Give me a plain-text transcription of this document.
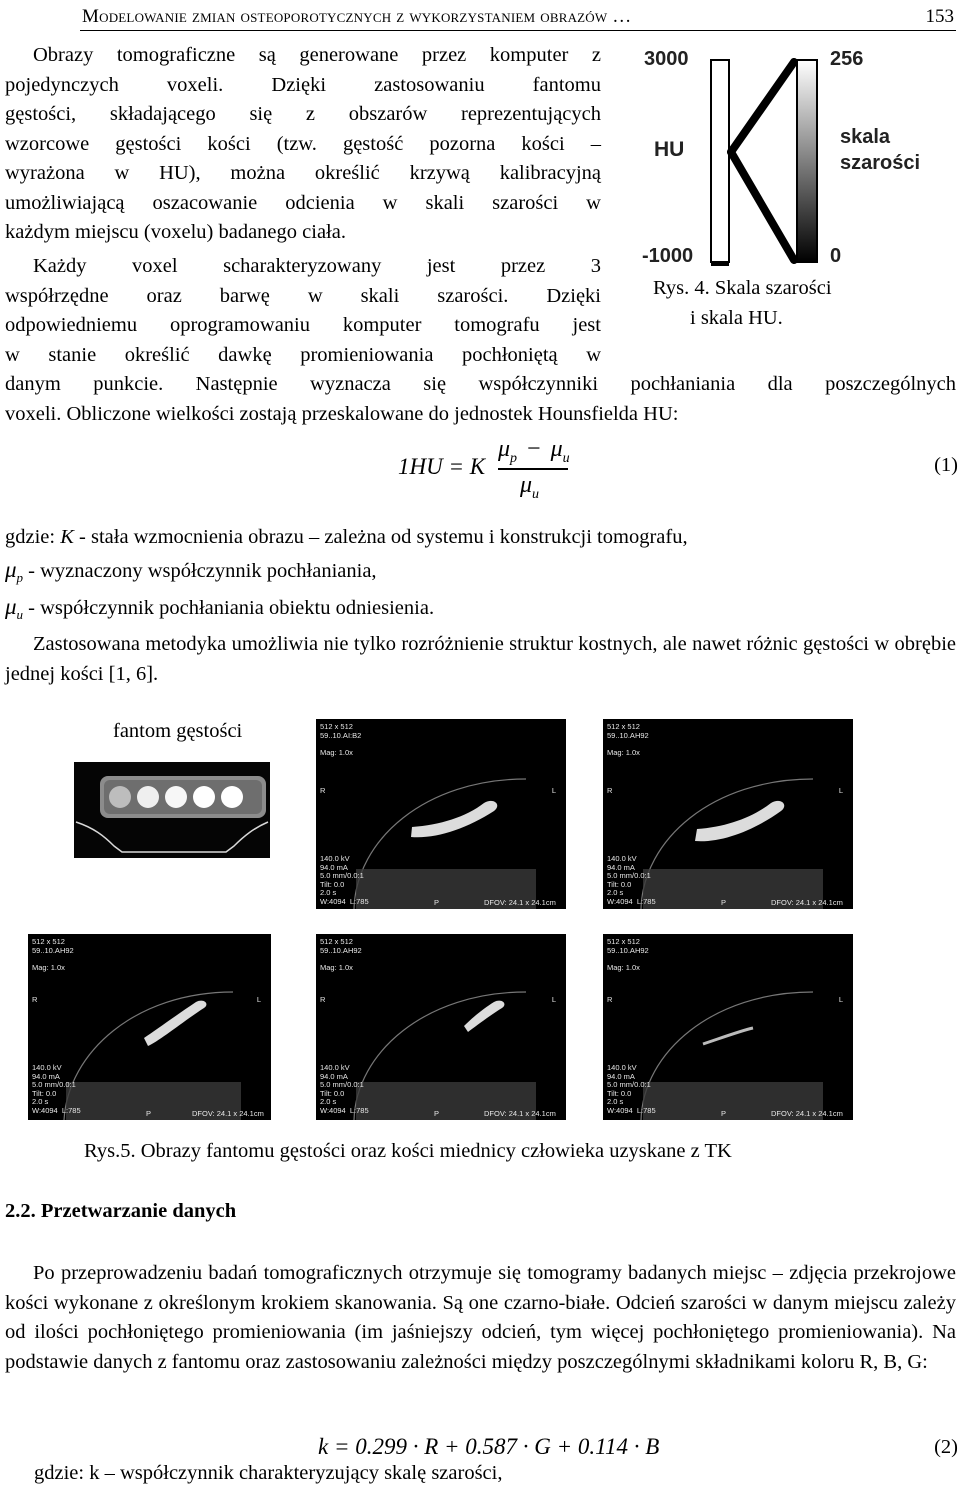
Modelowanie zmian osteoporotycznych z wykorzystaniem obrazów …	153
Obrazy tomograficzne są generowane przez komputer z
pojedynczych voxeli. Dzięki zastosowaniu fantomu
gęstości, składającego się z obszarów reprezentujących
wzorcowe gęstości kości (tzw. gęstość pozorna kości –
wyrażona w HU), można określić krzywą kalibracyjną
umożliwiającą oszacowanie odcienia w skali szarości w
każdym miejscu (voxelu) badanego ciała.
Każdy voxel scharakteryzowany jest przez 3
współrzędne oraz barwę w skali szarości. Dzięki
odpowiedniemu oprogramowaniu komputer tomografu jest
w stanie określić dawkę promieniowania pochłoniętą w
danym punkcie. Następnie wyznacza się współczynniki pochłaniania dla poszczególnych
voxeli. Obliczone wielkości zostają przeskalowane do jednostek Hounsfielda HU:
3000
HU
-1000
256
skala
szarości
0
Rys. 4. Skala szarości
i skala HU.
1HU = K
$\mu_p - \mu_u$
$\mu_u$
(1)
gdzie: K - stała wzmocnienia obrazu – zależna od systemu i konstrukcji tomografu,
$\mu_p$ - wyznaczony współczynnik pochłaniania,
$\mu_u$ - współczynnik pochłaniania obiektu odniesienia.
Zastosowana metodyka umożliwia nie tylko rozróżnienie struktur kostnych, ale nawet różnic gęstości w obrębie jednej kości [1, 6].
fantom gęstości	512 x 512
59..10.AI:B2

Mag: 1.0x
R	L
140.0 kV
94.0 mA
5.0 mm/0.0:1
Tilt: 0.0
2.0 s
W:4094  L:785	P	DFOV: 24.1 x 24.1cm
512 x 512
59..10.AH92

Mag: 1.0x
R	L
140.0 kV
94.0 mA
5.0 mm/0.0:1
Tilt: 0.0
2.0 s
W:4094  L:785	P	DFOV: 24.1 x 24.1cm
512 x 512
59..10.AH92

Mag: 1.0x
R	L
140.0 kV
94.0 mA
5.0 mm/0.0:1
Tilt: 0.0
2.0 s
W:4094  L:785	P	DFOV: 24.1 x 24.1cm
512 x 512
59..10.AH92

Mag: 1.0x
R	L
140.0 kV
94.0 mA
5.0 mm/0.0:1
Tilt: 0.0
2.0 s
W:4094  L:785	P	DFOV: 24.1 x 24.1cm
512 x 512
59..10.AH92

Mag: 1.0x
R	L
140.0 kV
94.0 mA
5.0 mm/0.0:1
Tilt: 0.0
2.0 s
W:4094  L:785	P	DFOV: 24.1 x 24.1cm
Rys.5. Obrazy fantomu gęstości oraz kości miednicy człowieka uzyskane z TK
2.2. Przetwarzanie danych
Po przeprowadzeniu badań tomograficznych otrzymuje się tomogramy badanych miejsc – zdjęcia przekrojowe kości wykonane z określonym krokiem skanowania. Są one czarno-białe. Odcień szarości w danym miejscu zależy od ilości pochłoniętego promieniowania (im jaśniejszy odcień, tym więcej pochłoniętego promieniowania). Na podstawie danych z fantomu oraz zastosowaniu zależności między poszczególnymi składnikami koloru R, B, G:
k = 0.299 · R + 0.587 · G + 0.114 · B	(2)
gdzie: k – współczynnik charakteryzujący skalę szarości,
